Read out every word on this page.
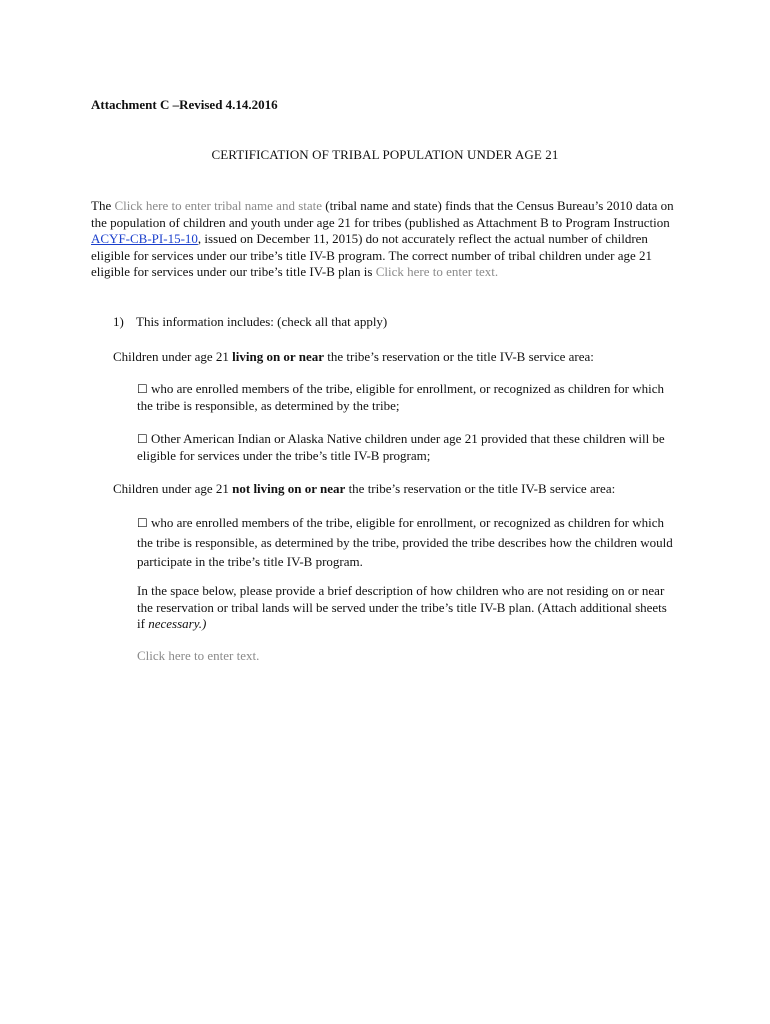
Attachment C –Revised 4.14.2016

CERTIFICATION OF TRIBAL POPULATION UNDER AGE 21

The Click here to enter tribal name and state (tribal name and state) finds that the Census Bureau’s 2010 data on the population of children and youth under age 21 for tribes (published as Attachment B to Program Instruction ACYF-CB-PI-15-10, issued on December 11, 2015) do not accurately reflect the actual number of children eligible for services under our tribe’s title IV-B program. The correct number of tribal children under age 21 eligible for services under our tribe’s title IV-B plan is Click here to enter text.

1) This information includes: (check all that apply)

Children under age 21 living on or near the tribe’s reservation or the title IV-B service area:

☐ who are enrolled members of the tribe, eligible for enrollment, or recognized as children for which the tribe is responsible, as determined by the tribe;

☐ Other American Indian or Alaska Native children under age 21 provided that these children will be eligible for services under the tribe’s title IV-B program;

Children under age 21 not living on or near the tribe’s reservation or the title IV-B service area:

☐ who are enrolled members of the tribe, eligible for enrollment, or recognized as children for which the tribe is responsible, as determined by the tribe, provided the tribe describes how the children would participate in the tribe’s title IV-B program.

In the space below, please provide a brief description of how children who are not residing on or near the reservation or tribal lands will be served under the tribe’s title IV-B plan. (Attach additional sheets if necessary.)

Click here to enter text.
